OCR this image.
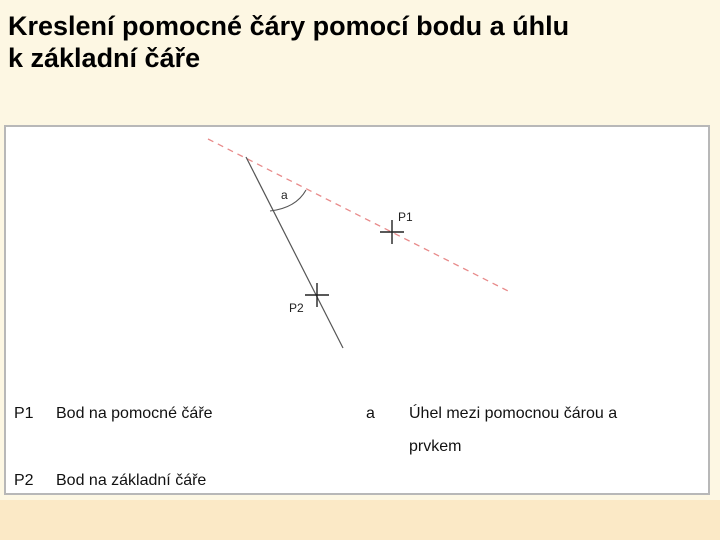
Kreslení pomocné čáry pomocí bodu a úhlu
k základní čáře
a
P1
P2
P1 Bod na pomocné čáře
P2 Bod na základní čáře
a Úhel mezi pomocnou čárou a
prvkem
